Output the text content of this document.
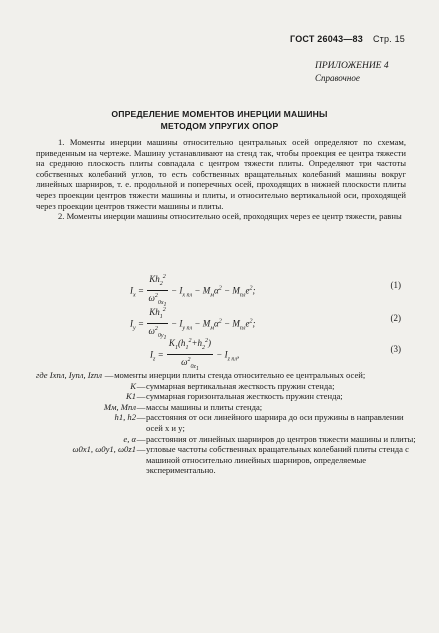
ГОСТ 26043—83 Стр. 15
ПРИЛОЖЕНИЕ 4
Справочное
ОПРЕДЕЛЕНИЕ МОМЕНТОВ ИНЕРЦИИ МАШИНЫ
МЕТОДОМ УПРУГИХ ОПОР

1. Моменты инерции машины относительно центральных осей определяют по схемам, приведенным на чертеже. Машину устанавливают на стенд так, чтобы проекция ее центра тяжести на среднюю плоскость плиты совпадала с центром тяжести плиты. Определяют три частоты собственных колебаний углов, то есть собственных вращательных колебаний машины вокруг линейных шарниров, т. е. продольной и поперечных осей, проходящих в нижней плоскости плиты через проекции центров тяжести машины и плиты, и относительно вертикальной оси, проходящей через проекции центров тяжести машины и плиты.

2. Моменты инерции машины относительно осей, проходящих через ее центр тяжести, равны

$I_x = \frac{Kh_2^2}{\omega^2_{0x_1}} - I_{x пл} - M_м\alpha^2 - M_{пл}e^2$;
(1)
$I_y = \frac{Kh_1^2}{\omega^2_{0y_1}} - I_{y пл} - M_м\alpha^2 - M_{пл}e^2$;
(2)
$I_z = \frac{K_1(h_1^2+h_2^2)}{\omega^2_{0z_1}} - I_{z пл}$,
(3)
где Ixпл, Iyпл, Izпл — моменты инерции плиты стенда относительно ее центральных осей;
K — суммарная вертикальная жесткость пружин стенда;
K1 — суммарная горизонтальная жесткость пружин стенда;
Mм, Mпл — массы машины и плиты стенда;
h1, h2 — расстояния от оси линейного шарнира до оси пружины в направлении осей x и y;
e, α — расстояния от линейных шарниров до центров тяжести машины и плиты;
ω0x1, ω0y1, ω0z1 — угловые частоты собственных вращательных колебаний плиты стенда с машиной относительно линейных шарниров, определяемые экспериментально.
